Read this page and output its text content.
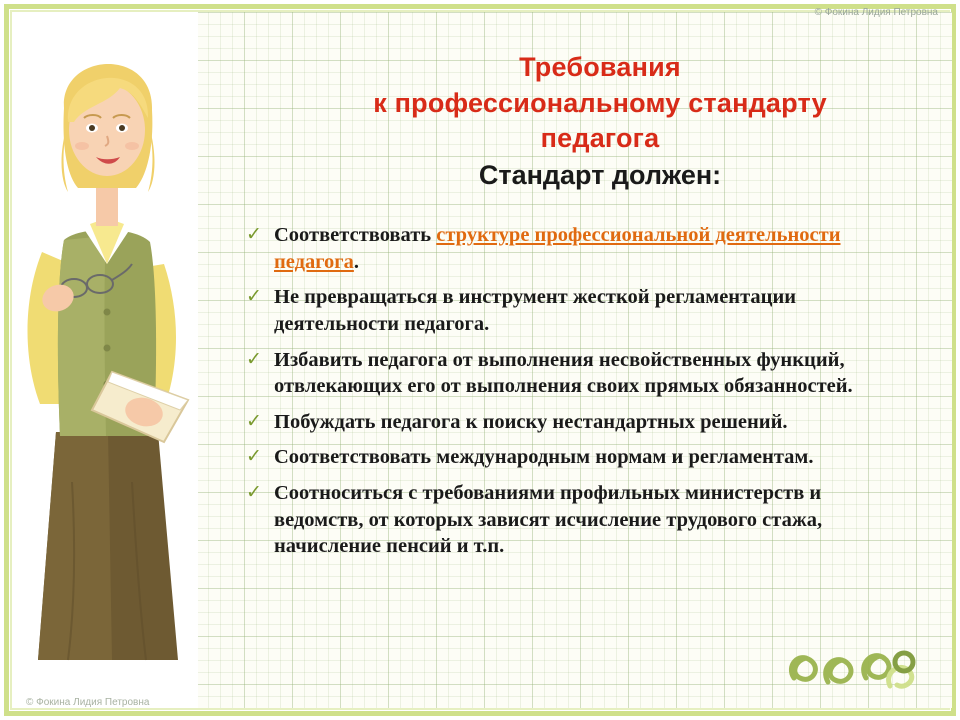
Требования
к профессиональному стандарту
педагога
Стандарт должен:
✓ Соответствовать структуре профессиональной деятельности педагога.
✓ Не превращаться в инструмент жесткой регламентации деятельности педагога.
✓ Избавить педагога от выполнения несвойственных функций, отвлекающих его от выполнения своих прямых обязанностей.
✓ Побуждать педагога к поиску нестандартных решений.
✓ Соответствовать международным нормам и регламентам.
✓ Соотноситься с требованиями профильных министерств и ведомств, от которых зависят исчисление трудового стажа, начисление пенсий и т.п.
© Фокина Лидия Петровна
© Фокина Лидия Петровна
